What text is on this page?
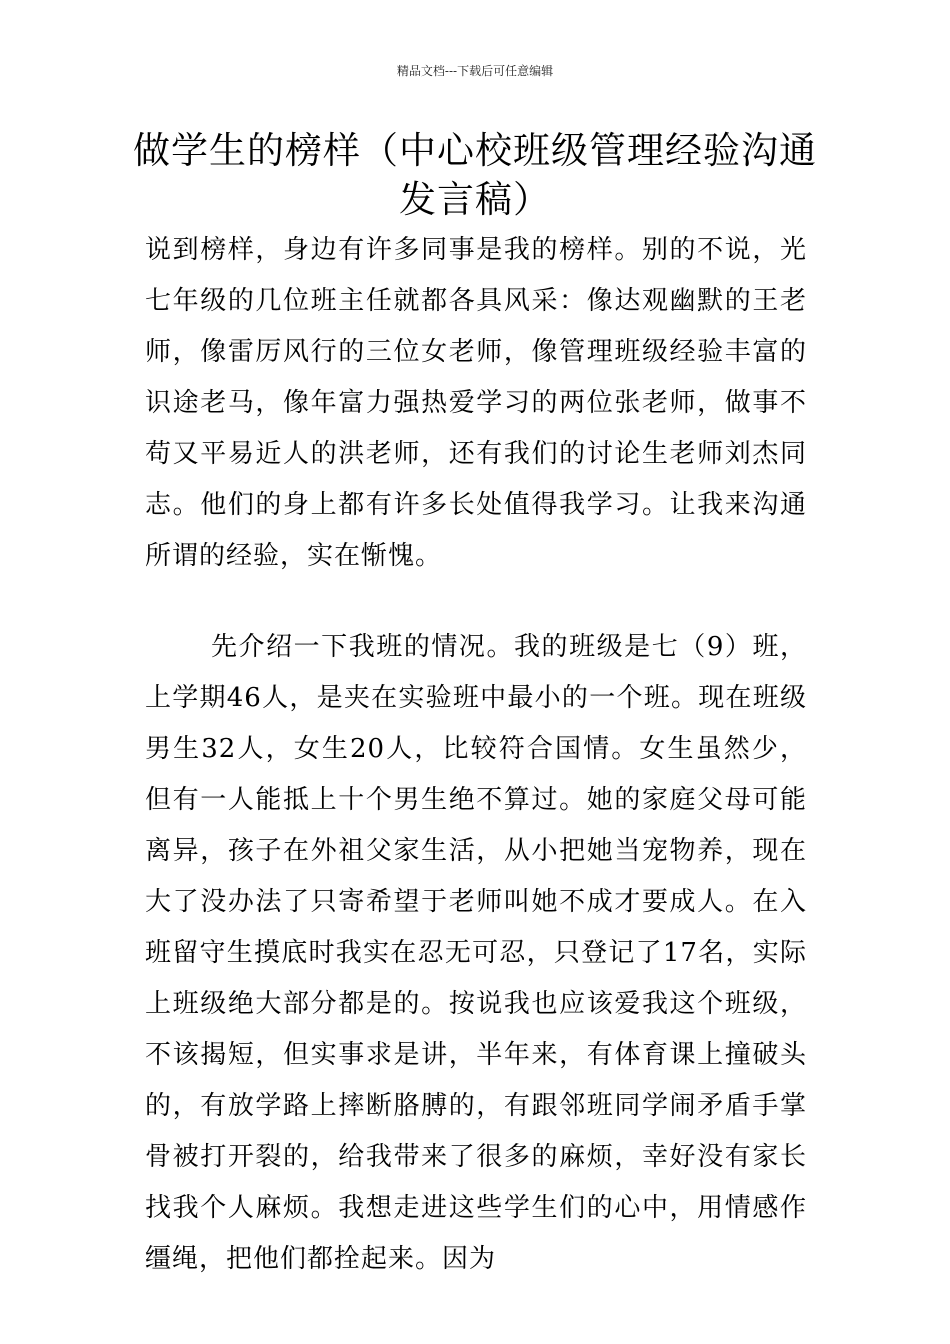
精品文档---下载后可任意编辑
做学生的榜样（中心校班级管理经验沟通发言稿）

说到榜样，身边有许多同事是我的榜样。别的不说，光七年级的几位班主任就都各具风采：像达观幽默的王老师，像雷厉风行的三位女老师，像管理班级经验丰富的识途老马，像年富力强热爱学习的两位张老师，做事不苟又平易近人的洪老师，还有我们的讨论生老师刘杰同志。他们的身上都有许多长处值得我学习。让我来沟通所谓的经验，实在惭愧。

先介绍一下我班的情况。我的班级是七（9）班，上学期46人，是夹在实验班中最小的一个班。现在班级男生32人，女生20人，比较符合国情。女生虽然少，但有一人能抵上十个男生绝不算过。她的家庭父母可能离异，孩子在外祖父家生活，从小把她当宠物养，现在大了没办法了只寄希望于老师叫她不成才要成人。在入班留守生摸底时我实在忍无可忍，只登记了17名，实际上班级绝大部分都是的。按说我也应该爱我这个班级，不该揭短，但实事求是讲，半年来，有体育课上撞破头的，有放学路上摔断胳膊的，有跟邻班同学闹矛盾手掌骨被打开裂的，给我带来了很多的麻烦，幸好没有家长找我个人麻烦。我想走进这些学生们的心中，用情感作缰绳，把他们都拴起来。因为
